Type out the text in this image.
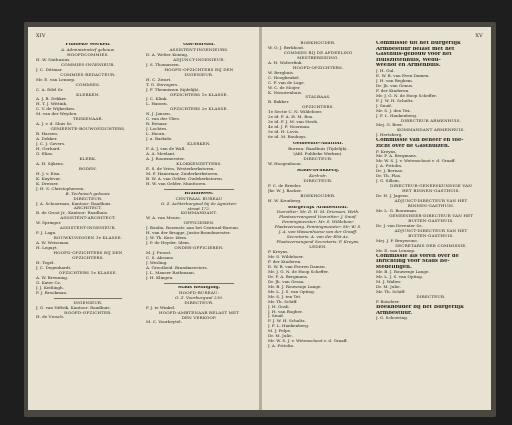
XIV
Publieke Werken.
A. Administratief gebouw.
HOOFDCOMMIES.
H. W. Nathusius.
COMMIES-INGENIEUR.
J. C. Dittmar.
COMMIES-REDACTEUR.
Mr. E. van Lennep.
COMMIES.
C. A. Edel Sr.
KLERKEN.
A. J. B. Dekker.
H. T. J. Wittink.
C. V. de Wijkerken.
M. van der Weyden.
TEEKENAAR.
A. J. v. d. Sluis Sr.
GEMEENTE-BOUWOPZICHTERS.
B. Hassen.
A. Dekker.
J. C. J. Govers.
H. Gerhard.
G. Elias.
KLERK.
A. H. Sijkens.
BODEN.
H. J. v. Eisa.
K. Kuylevar.
K. Dresser.
J. H. S. Christophersen.
B. Technisch gebouw.
DIRECTEUR.
J. A. Schoorman, Kantoor: Raadhuis.
ARCHITECT.
B. de Groot Jr., Kantoor: Raadhuis.
ASSISTENT-ARCHITECT.
W. Springer.
ASSISTENT-INGENIEUR.
F. J. Lagn.
BOUWKUNDIGEN 1e KLASSE.
A. W. Weissman.
H. Leguyt.
HOOFD-OPZICHTERS BIJ DEN
OPZICHTERS.
H. Tegel.
J. C. Degenhardt.
OPZICHTERS 1e KLASSE.
A. W. Breuning.
G. Kater Cz.
J. J. Keitlingh.
F. J. Brookman.
INGENIEUR.
J. G. van Niftrik, Kantoor: Raadhuis.
HOOFD-OPZICHTER.
H. de Vrosch.
Gas-Bureau.
ASSISTENT-INGENIEURS.
D. A. Welter Koning.
ADJUNCT-INGENIEUR.
J. S. Thomassen.
HOOFD-OPZICHTERS BIJ DEN
INGENIEUR.
H. C. Zwart.
T. G. Stevogers.
J. F. Theunissen (tijdelijk).
OPZICHTERS 1e KLASSE.
J. C. Klink.
L. Hassen.
OPZICHTERS 2e KLASSE.
N. J. Jansen.
C. van der Vlies.
R. Renaar.
J. Lochtes.
L. Hoorn.
J. a. Barkide.
KLERKEN.
F. A. J. van de Wall.
A. A. Meelant.
A. J. Rouwmeester.
KLOKKENZETTERS.
E. S. de Vries, Westerkerkstoren.
M. F. Haneriaar, Zuiderkerkstoren.
B. W. A. van Gelder, Oudekerkstoren.
H. W. van Gelder, Munttoren.
Brandweer.
CENTRAAL BUREAU
O. Z. Achterburgwal bij de Agnieten-
straat 172.
KOMMANDANT.
W. A. van Meurs.
OFFICIEREN.
J. Bonlin, Rozenstr. aan het Centraal-Bureau.
H. van der Brugge, Justin-Brandmeester.
J. W. Th. Kerr. Idem.
J. P. de Heyder. Idem.
ONDER-OFFICIEREN.
M. J. Proost.
C. S. Abrams.
J. Wesling.
A. Grootheid. Brandmeesters.
J. L. Mauser Rathmann.
J. H. Klingen.
Stads Reiniging.
HOOFD-BUREAU:
O. Z. Voorburgwal 239.
DIRECTEUR.
P. J. te Winkel.
HOOFD-AMBTENAAR BELAST MET
DEN VERKOOP.
M. C. Voorbeytel.
XV
BOEKHOUDER.
W. O. J. Berkhout.
COMMIES BIJ DE AFDEELING
MESTBEREIDING.
A. H. Wolterfink.
HOOFD-OPZICHTERS.
W. Berghuis.
C. Hoogbeukel.
C. F. van de Lage.
W. C. de Moijer.
K. Nieuwenhuis.
STALBAAS.
B. Bakker.
OPZICHTERS.
1e Sectie C. N. Wildeboer.
2e id. F. A. H. M. Boa.
3e id. F. J. M. van Steek.
4e id. J. F. Noorman.
5e id. H. Lovis.
6e id. M. Bouhuys.
Gemeente-Abattoir.
Bureau: Raadhuis (Tijdelijk).
(Afd. Publieke Werken).
DIRECTEUR.
W. Hoogenhoon.
Stads-Drukkerij.
Kerk-str.
DIRECTEUR.
F. C. de Brieder.
Jhr. W. J. Backer.
BOEKHOUDER.
H. W. Kronberg.
Burgerlijk Armbestuur.
Voorzitter: Mr. D. H. M. Driessen, Weth.
Plaatsvervangend Voorzitter: J. Snuif.
Penningmeester: Mr. S. Wildeboer.
Plaatsvervang. Penningmeester: Mr. W. S.
J. A. van Wassenhoeve van der Graaff.
Secretaris: A. van der Elst Az.
Plaatsvervangend Secretaris: F. Kreyns.
LEDEN.
F. Kreyns.
Mr. S. Wildeboer.
F. der Kinderen.
E. W. B. van Everen Damen.
Mr. J. G. N. de Hoop Scheffer.
Dr. F. A. Bergmans.
Dr. Jh. van Gessa.
Mr. B. J. Rouwenje Lange.
Mr. L. J. S. van Opting.
Mr. S. J. ten Tet.
Mr. Th. Schiff.
J. H. Gosli.
J. H. van Bogher.
J. Snuif.
F. J. W. H. Schultz.
J. F. L. Hankenberg.
M. J. Pelpe.
Dr. M. Julie.
Mr. W. S. J. v. Wetenschoot v. d. Graaff.
J. A. Fritolin.
Commissie uit het Burgerlijk
Armbestuur belast met het
Gasthuis-gebouw voor het
Huiszittenhuis, Wedu-
weehof en Armenbuis.
J. H. Gul.
E. W. B. van Even Damen.
J. H. van Beghem.
Dr. Jh. van Genus.
F. der Kinderen.
Mr. J. G. N. de Hoop Scheffer.
F. J. W. H. Schultz.
J. Snuif.
Mr. S. J. den Tex.
J. F. L. Hankenberg.
DIRECTEUR ARMENHUIS.
Mej. G. Boer.
KOMMANDANT ARMENHUIS.
J. Hertsberg.
Commissie van beheer en toe-
zicht over de Gasthuizen.
F. Kreyns.
Mr. F. A. Bergmans.
Mr. W. S. J. v. Wetenschoot v. d. Graaff.
J. A. Fritolin.
Dr. J. Bernas.
Dr. Th. Plas.
J. G. Sillem.
DIRECTEUR-GENEESKUNDIGE VAN
HET BINNEN-GASTHUIS.
Dr. H. J. Jageon.
ADJUNCT-DIRECTEUR VAN HET
BINNEN-GASTHUIS.
Mr. L. G. Bouwman.
GENEESHEER-DIRECTEUR VAN HET
BUITEN-GASTHUIS.
Dr. J. van Deventer Sz.
ADJUNCT-DIRECTEUR VAN HET
BUITEN-GASTHUIS.
Mej. J. P. Bruyerone.
SECRETARIS DER COMMISSIE.
Mr. E. van Lennep.
Commissie als voren over de
Inrichting voor Stads Be-
stedelingen.
Mr. B. J. Rouwenje Lange.
Mr. L. J. S. van Opting.
M. J. Walter.
Dr. M. Julie.
Mr. Th. Schiff.
DIRECTEUR.
P. Boisdeer.
Boekhouder bij het Burgerlijk
Armbestuur.
J. G. Schoering.
